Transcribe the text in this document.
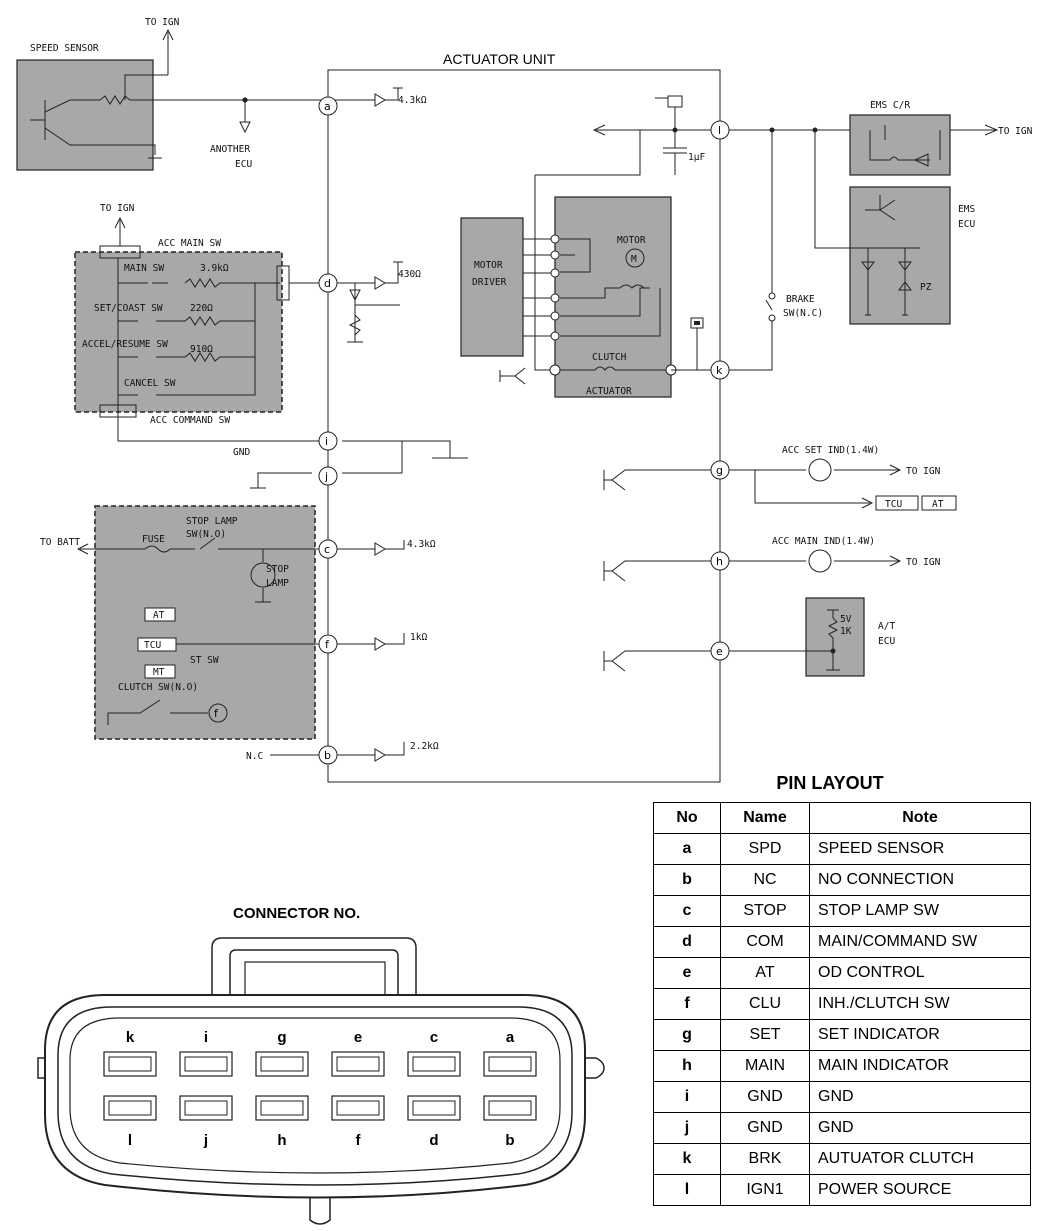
ACTUATOR UNIT
SPEED SENSOR
TO IGN
ANOTHER
ECU
TO IGN
ACC MAIN SW
MAIN SW	3.9kΩ
SET/COAST SW	220Ω
ACCEL/RESUME SW 910Ω
CANCEL SW
ACC COMMAND SW
GND
TO BATT	FUSE
STOP LAMP
SW(N.O)
STOP
LAMP
AT
TCU
ST SW
MT
CLUTCH SW(N.O)
f
N.C
4.3kΩ
430Ω
4.3kΩ
1kΩ
2.2kΩ
MOTOR
DRIVER
MOTOR
M
CLUTCH
ACTUATOR
1μF
TO IGN
EMS C/R
EMS
ECU
PZ
BRAKE
SW(N.C)
ACC SET IND(1.4W)
TO IGN
TCU	AT
ACC MAIN IND(1.4W)
TO IGN
5V
1K	A/T
ECU
a
d
i
j
c
f
b
l
k
g
h
e
CONNECTOR NO.
k	i	g	e	c	a
l	j	h	f	d	b
PIN LAYOUT
No	Name	Note
a	SPD	SPEED SENSOR
b	NC	NO CONNECTION
c	STOP	STOP LAMP SW
d	COM	MAIN/COMMAND SW
e	AT	OD CONTROL
f	CLU	INH./CLUTCH SW
g	SET	SET INDICATOR
h	MAIN	MAIN INDICATOR
i	GND	GND
j	GND	GND
k	BRK	AUTUATOR CLUTCH
l	IGN1	POWER SOURCE
